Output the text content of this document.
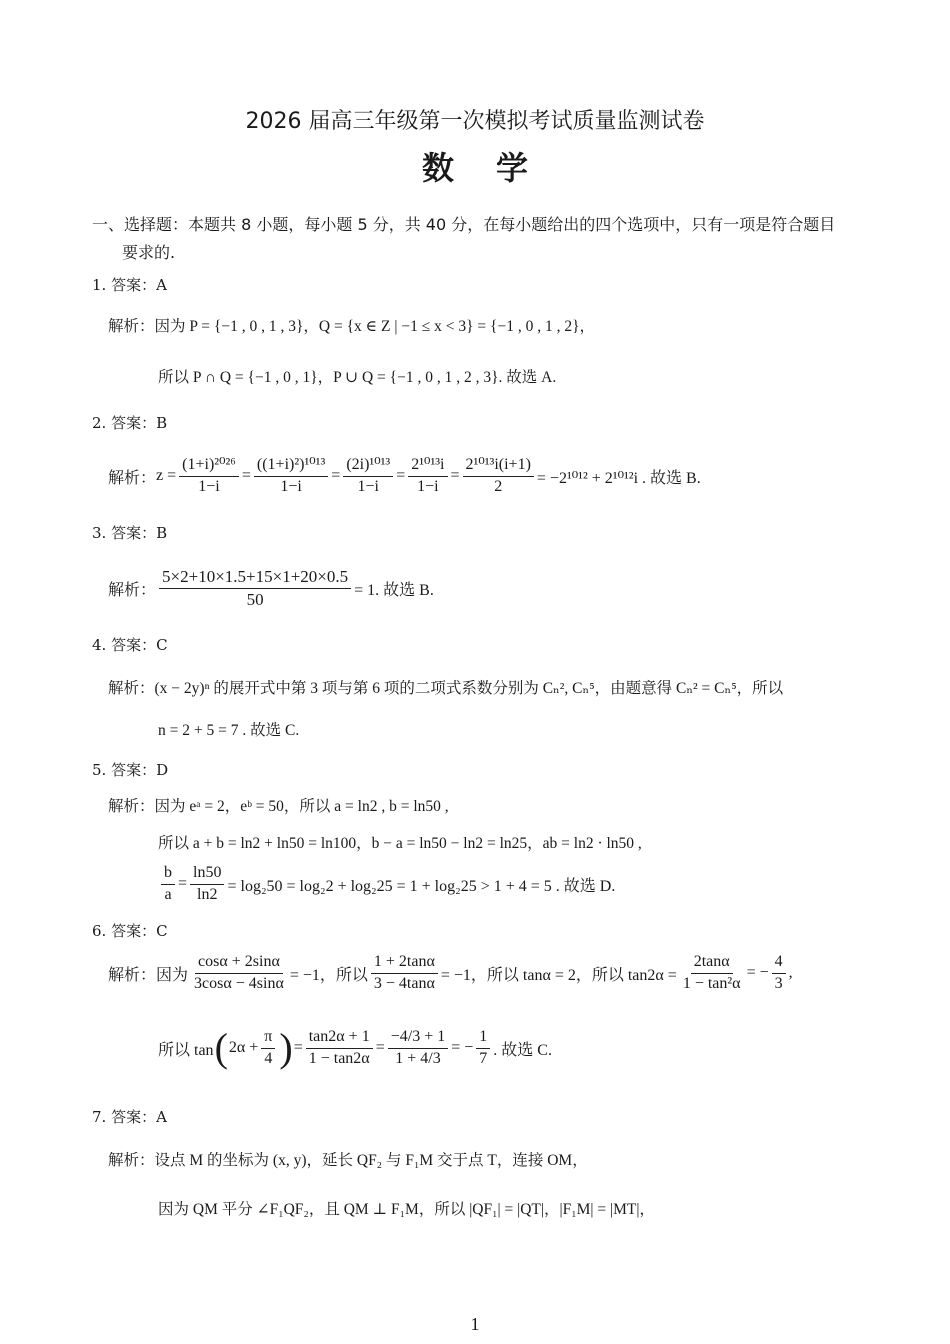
2026 届高三年级第一次模拟考试质量监测试卷
数学
一、选择题：本题共 8 小题，每小题 5 分，共 40 分，在每小题给出的四个选项中，只有一项是符合题目
要求的.
1. 答案：A
解析：因为 P = {−1 , 0 , 1 , 3}，Q = {x ∈ Z | −1 ≤ x < 3} = {−1 , 0 , 1 , 2}，
所以 P ∩ Q = {−1 , 0 , 1}，P ∪ Q = {−1 , 0 , 1 , 2 , 3}. 故选 A.
2. 答案：B
解析： $z = \frac{\text{(1+i)²⁰²⁶}}{1-i} = \frac{\text{((1+i)²)¹⁰¹³}}{1-i} = \frac{\text{(2i)¹⁰¹³}}{1-i} = \frac{\text{2¹⁰¹³i}}{1-i} = \frac{\text{2¹⁰¹³i(i+1)}}{2} = -2^{1012} + 2^{1012}i$ . 故选 B.
3. 答案：B
解析： $\frac{5\times 2+10\times 1.5+15\times 1+20\times 0.5}{50} = 1$. 故选 B.
4. 答案：C
解析：(x − 2y)ⁿ 的展开式中第 3 项与第 6 项的二项式系数分别为 Cₙ², Cₙ⁵，由题意得 Cₙ² = Cₙ⁵，所以
n = 2 + 5 = 7 . 故选 C.
5. 答案：D
解析：因为 eᵃ = 2，eᵇ = 50，所以 a = ln2 , b = ln50 ,
所以 a + b = ln2 + ln50 = ln100，b − a = ln50 − ln2 = ln25，ab = ln2 · ln50 ,
$\frac{b}{a} = \frac{\ln 50}{\ln 2} = \log_250 = \log_22 + \log_225 = 1 + \log_225 > 1 + 4 = 5$ . 故选 D.
6. 答案：C
解析： 因为 $\frac{\cos\alpha + 2\sin\alpha}{3\cos\alpha - 4\sin\alpha} = -1$，所以 $\frac{1 + 2\tan\alpha}{3 - 4\tan\alpha} = -1$，所以 tanα = 2，所以 $\tan 2\alpha = \frac{2\tan\alpha}{\text{1 − tan²α}}$ = − $\frac{4}{3}$ ,
所以 tan ( $2\alpha + \frac{\pi}{4}$ ) = $\frac{\tan 2\alpha + 1}{1 - \tan 2\alpha} = \frac{-4/3 + 1}{1 + 4/3}$ = − $\frac{1}{7}$ . 故选 C.
7. 答案：A
解析：设点 M 的坐标为 (x, y)，延长 QF₂ 与 F₁M 交于点 T，连接 OM，
因为 QM 平分 ∠F₁QF₂，且 QM ⊥ F₁M，所以 |QF₁| = |QT|，|F₁M| = |MT|，
1
